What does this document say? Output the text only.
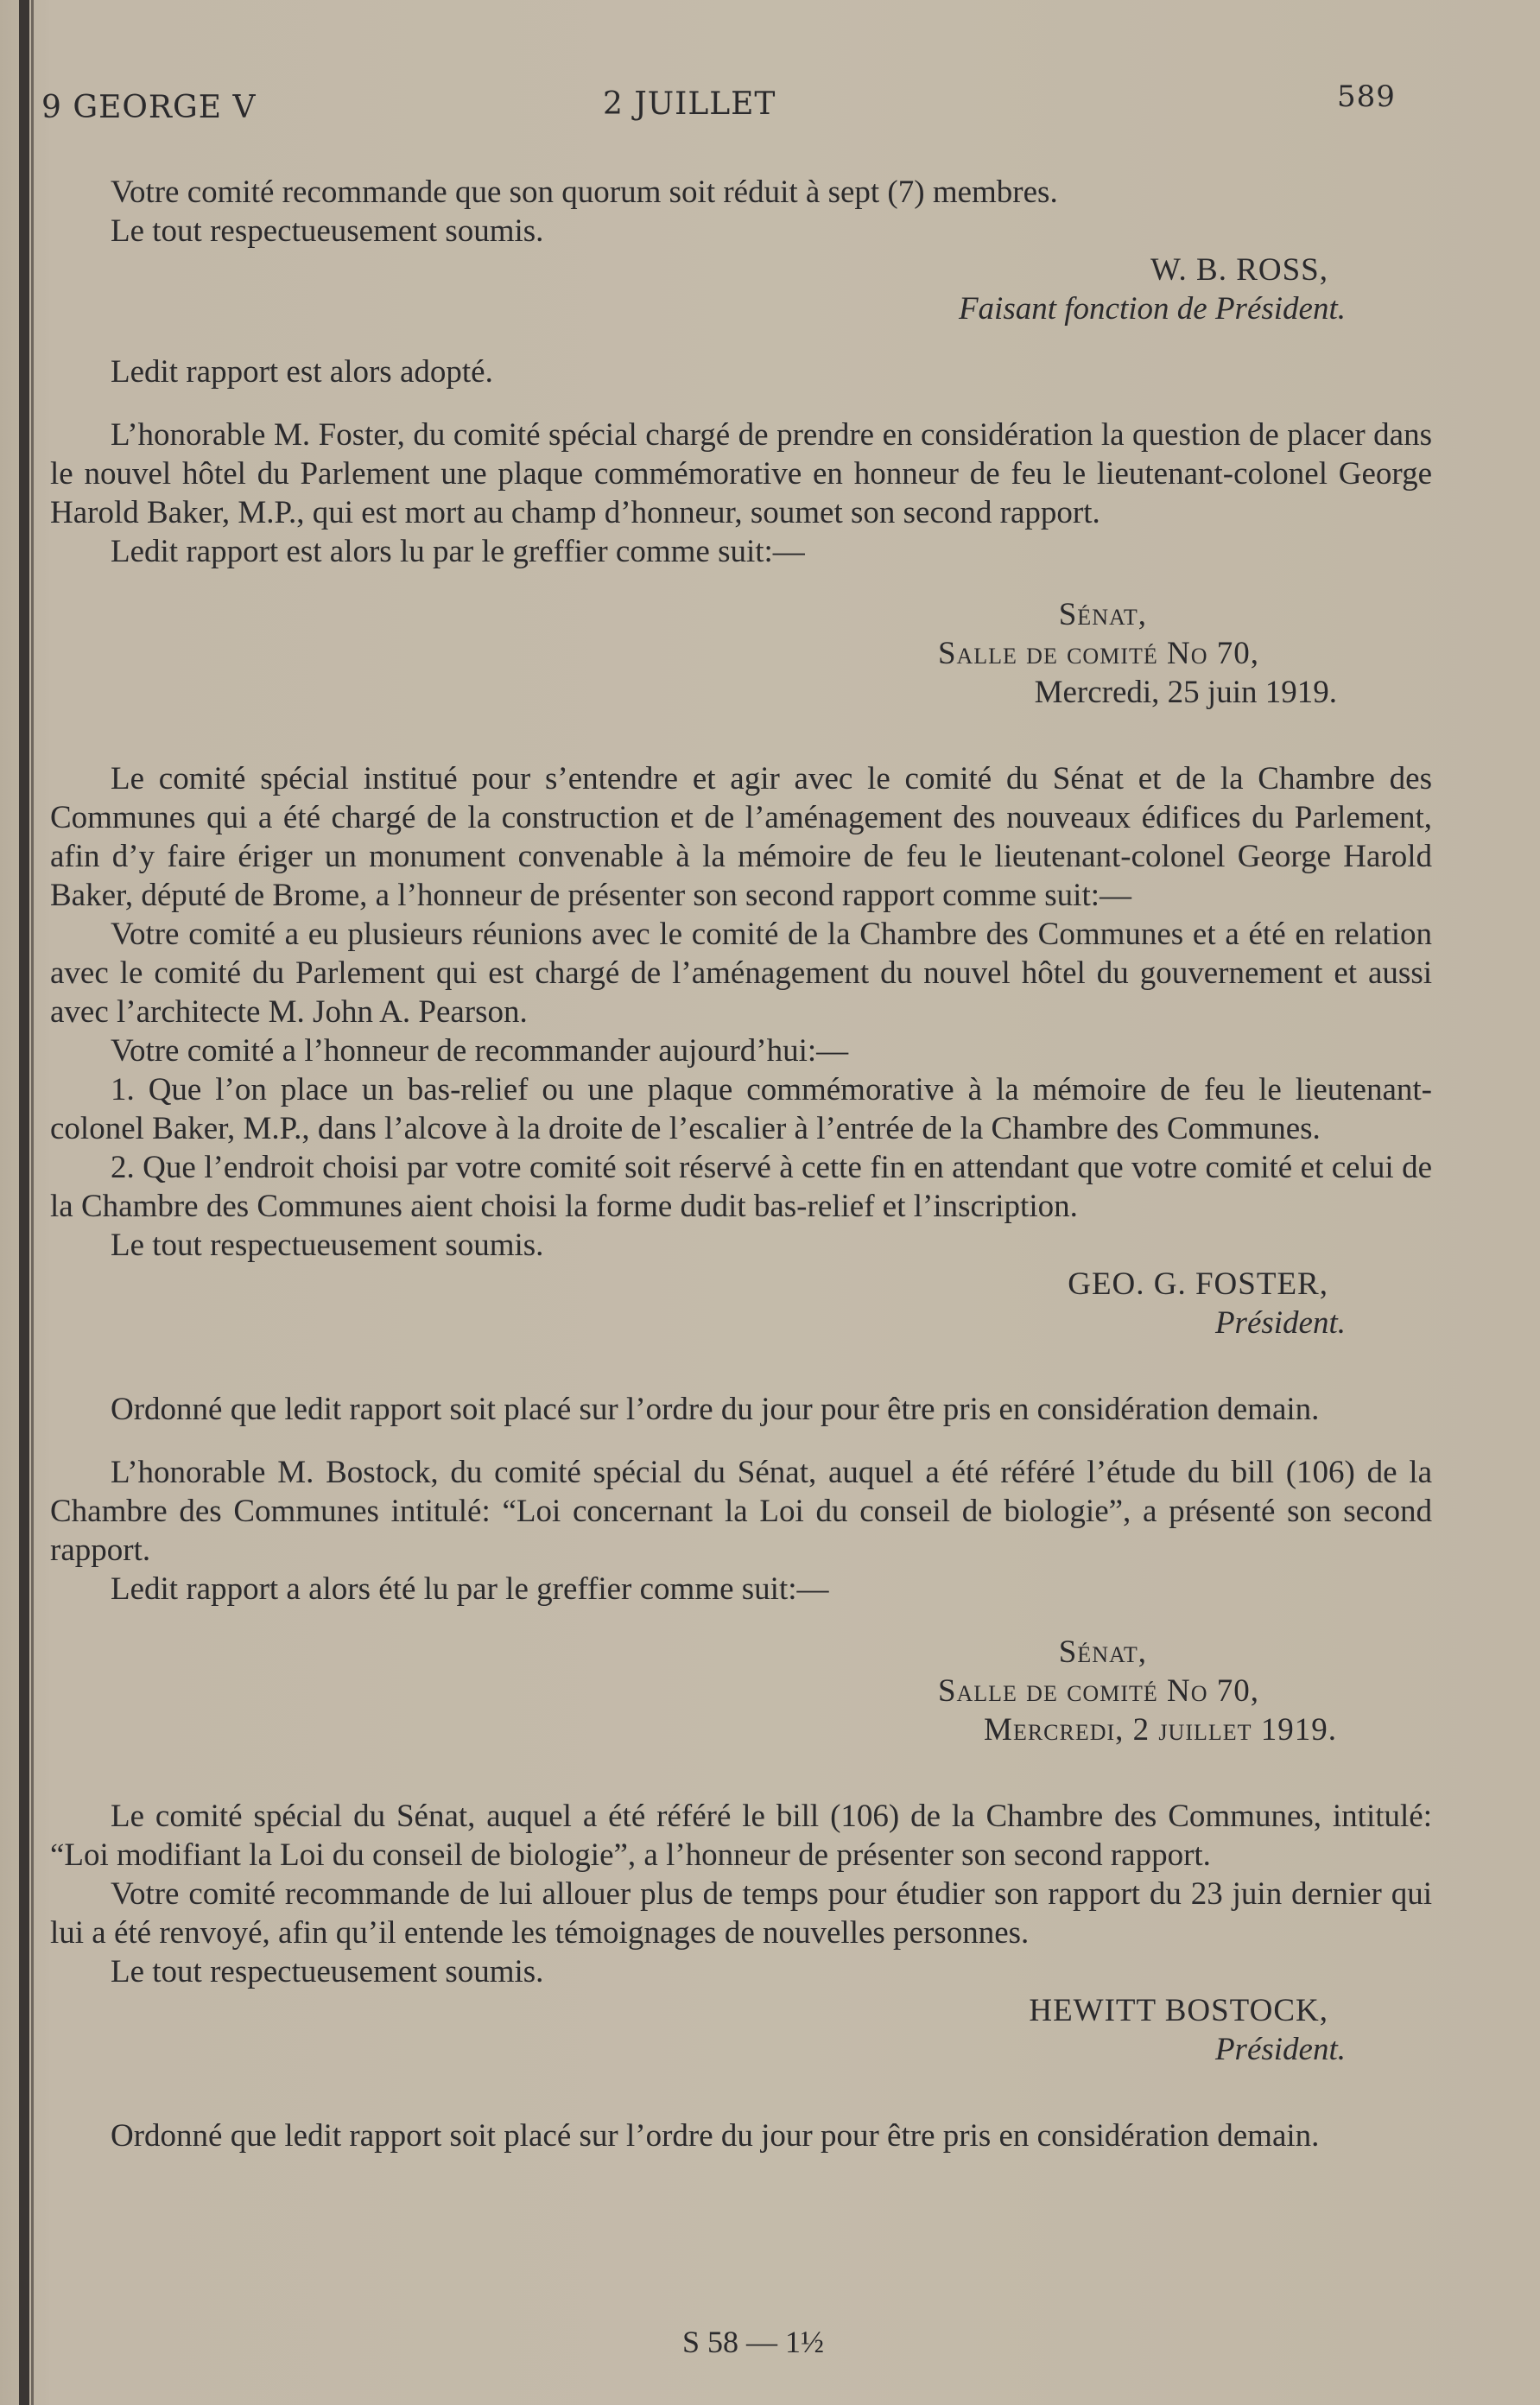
9 GEORGE V	2 JUILLET	589

Votre comité recommande que son quorum soit réduit à sept (7) membres.

Le tout respectueusement soumis.

W. B. ROSS,

Faisant fonction de Président.

Ledit rapport est alors adopté.

L’honorable M. Foster, du comité spécial chargé de prendre en considération la question de placer dans le nouvel hôtel du Parlement une plaque commémorative en honneur de feu le lieutenant-colonel George Harold Baker, M.P., qui est mort au champ d’honneur, soumet son second rapport.

Ledit rapport est alors lu par le greffier comme suit:—

Sénat,

Salle de comité No 70,

Mercredi, 25 juin 1919.

Le comité spécial institué pour s’entendre et agir avec le comité du Sénat et de la Chambre des Communes qui a été chargé de la construction et de l’aménagement des nouveaux édifices du Parlement, afin d’y faire ériger un monument convenable à la mémoire de feu le lieutenant-colonel George Harold Baker, député de Brome, a l’honneur de présenter son second rapport comme suit:—

Votre comité a eu plusieurs réunions avec le comité de la Chambre des Communes et a été en relation avec le comité du Parlement qui est chargé de l’aménagement du nouvel hôtel du gouvernement et aussi avec l’architecte M. John A. Pearson.

Votre comité a l’honneur de recommander aujourd’hui:—

1. Que l’on place un bas-relief ou une plaque commémorative à la mémoire de feu le lieutenant-colonel Baker, M.P., dans l’alcove à la droite de l’escalier à l’entrée de la Chambre des Communes.

2. Que l’endroit choisi par votre comité soit réservé à cette fin en attendant que votre comité et celui de la Chambre des Communes aient choisi la forme dudit bas-relief et l’inscription.

Le tout respectueusement soumis.

GEO. G. FOSTER,

Président.

Ordonné que ledit rapport soit placé sur l’ordre du jour pour être pris en considération demain.

L’honorable M. Bostock, du comité spécial du Sénat, auquel a été référé l’étude du bill (106) de la Chambre des Communes intitulé: “Loi concernant la Loi du conseil de biologie”, a présenté son second rapport.

Ledit rapport a alors été lu par le greffier comme suit:—

Sénat,

Salle de comité No 70,

Mercredi, 2 juillet 1919.

Le comité spécial du Sénat, auquel a été référé le bill (106) de la Chambre des Communes, intitulé: “Loi modifiant la Loi du conseil de biologie”, a l’honneur de présenter son second rapport.

Votre comité recommande de lui allouer plus de temps pour étudier son rapport du 23 juin dernier qui lui a été renvoyé, afin qu’il entende les témoignages de nouvelles personnes.

Le tout respectueusement soumis.

HEWITT BOSTOCK,

Président.

Ordonné que ledit rapport soit placé sur l’ordre du jour pour être pris en considération demain.

S 58 — 1½
